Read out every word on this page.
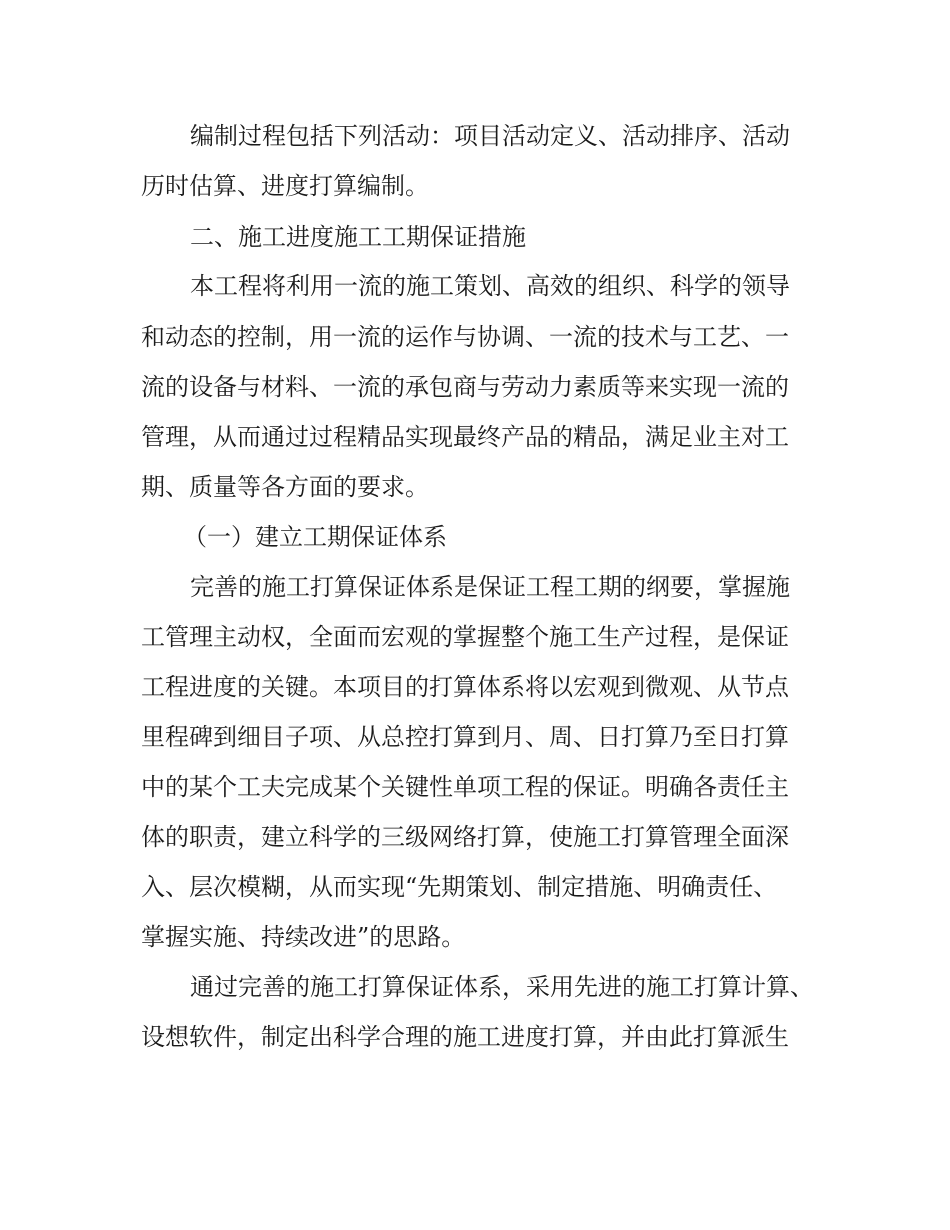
编制过程包括下列活动：项目活动定义、活动排序、活动
历时估算、进度打算编制。
二、施工进度施工工期保证措施
本工程将利用一流的施工策划、高效的组织、科学的领导
和动态的控制，用一流的运作与协调、一流的技术与工艺、一
流的设备与材料、一流的承包商与劳动力素质等来实现一流的
管理，从而通过过程精品实现最终产品的精品，满足业主对工
期、质量等各方面的要求。
（一）建立工期保证体系
完善的施工打算保证体系是保证工程工期的纲要，掌握施
工管理主动权，全面而宏观的掌握整个施工生产过程，是保证
工程进度的关键。本项目的打算体系将以宏观到微观、从节点
里程碑到细目子项、从总控打算到月、周、日打算乃至日打算
中的某个工夫完成某个关键性单项工程的保证。明确各责任主
体的职责，建立科学的三级网络打算，使施工打算管理全面深
入、层次模糊，从而实现“先期策划、制定措施、明确责任、
掌握实施、持续改进”的思路。
通过完善的施工打算保证体系，采用先进的施工打算计算、
设想软件，制定出科学合理的施工进度打算，并由此打算派生
